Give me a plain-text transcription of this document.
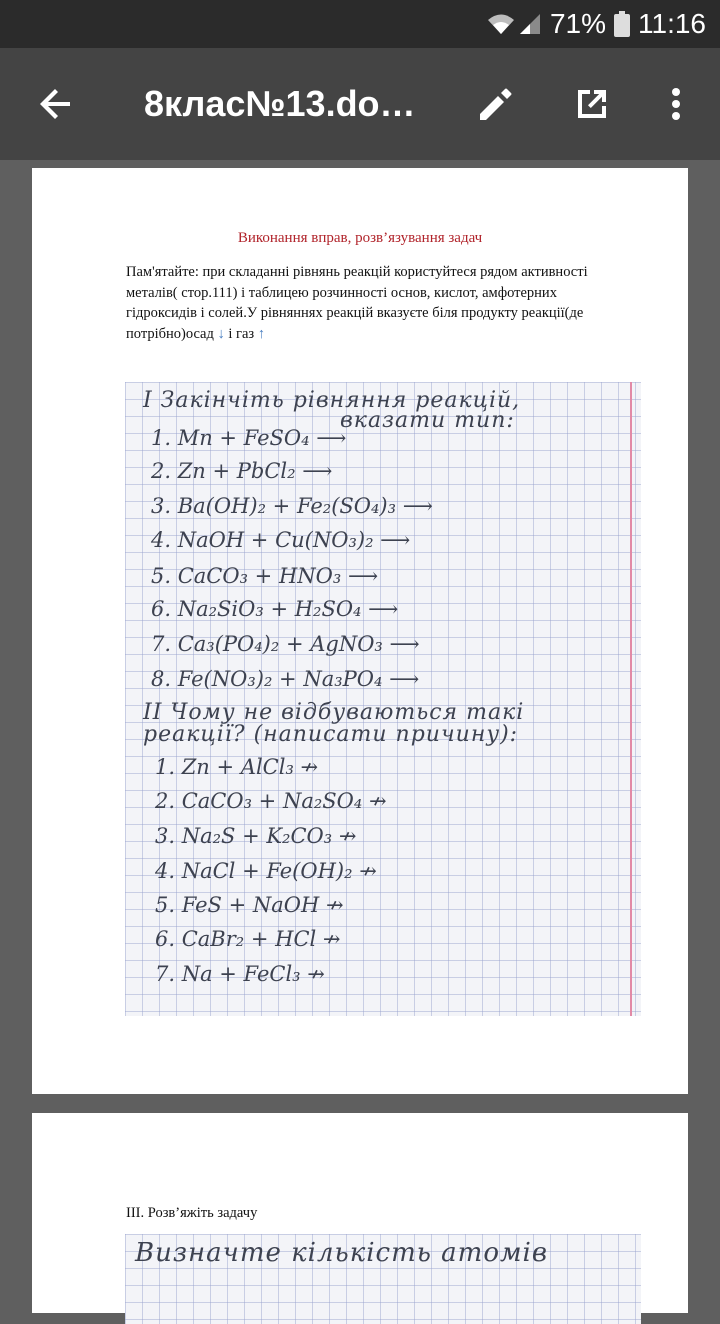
71% 11:16
8клас№13.do…
Виконання вправ, розв’язування задач
Пам'ятайте: при складанні рівнянь реакцій користуйтеся рядом активності металів( стор.111) і таблицею розчинності основ, кислот, амфотерних гідроксидів і солей.У рівняннях реакцій вказуєте біля продукту реакції(де потрібно)осад ↓ і газ ↑
I Закінчіть рівняння реакцій,
вказати тип:
1. Mn + FeSO₄ ⟶
2. Zn + PbCl₂ ⟶
3. Ba(OH)₂ + Fe₂(SO₄)₃ ⟶
4. NaOH + Cu(NO₃)₂ ⟶
5. CaCO₃ + HNO₃ ⟶
6. Na₂SiO₃ + H₂SO₄ ⟶
7. Ca₃(PO₄)₂ + AgNO₃ ⟶
8. Fe(NO₃)₂ + Na₃PO₄ ⟶
II Чому не відбуваються такі
реакції? (написати причину):
1. Zn + AlCl₃ ↛
2. CaCO₃ + Na₂SO₄ ↛
3. Na₂S + K₂CO₃ ↛
4. NaCl + Fe(OH)₂ ↛
5. FeS + NaOH ↛
6. CaBr₂ + HCl ↛
7. Na + FeCl₃ ↛
ІІІ. Розв’яжіть задачу
Визначте кількість атомів
